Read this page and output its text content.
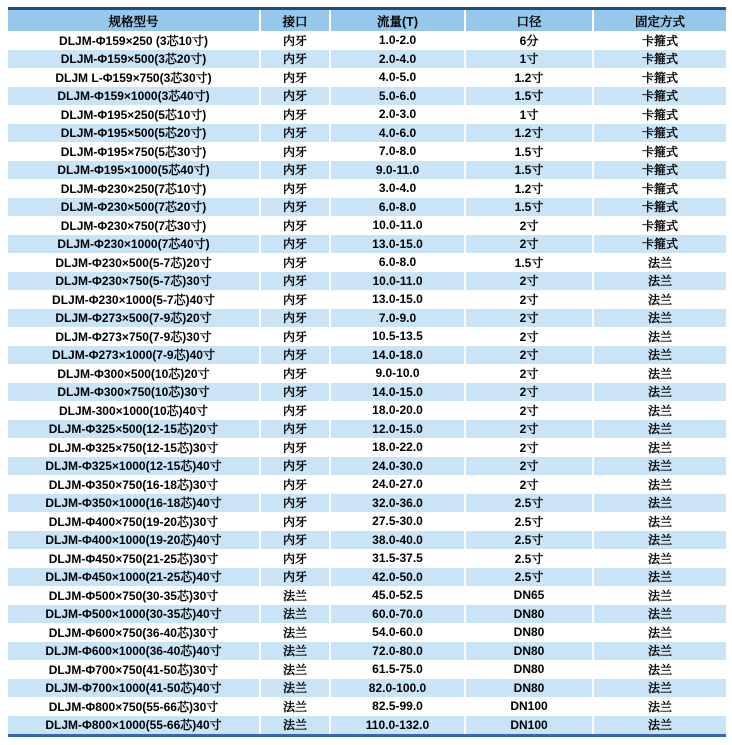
规格型号	接口	流量(T)	口径	固定方式
DLJM-Φ159×250 (3芯10寸)	内牙	1.0-2.0	6分	卡箍式
DLJM-Φ159×500(3芯20寸)	内牙	2.0-4.0	1寸	卡箍式
DLJM L-Φ159×750(3芯30寸)	内牙	4.0-5.0	1.2寸	卡箍式
DLJM-Φ159×1000(3芯40寸)	内牙	5.0-6.0	1.5寸	卡箍式
DLJM-Φ195×250(5芯10寸)	内牙	2.0-3.0	1寸	卡箍式
DLJM-Φ195×500(5芯20寸)	内牙	4.0-6.0	1.2寸	卡箍式
DLJM-Φ195×750(5芯30寸)	内牙	7.0-8.0	1.5寸	卡箍式
DLJM-Φ195×1000(5芯40寸)	内牙	9.0-11.0	1.5寸	卡箍式
DLJM-Φ230×250(7芯10寸)	内牙	3.0-4.0	1.2寸	卡箍式
DLJM-Φ230×500(7芯20寸)	内牙	6.0-8.0	1.5寸	卡箍式
DLJM-Φ230×750(7芯30寸)	内牙	10.0-11.0	2寸	卡箍式
DLJM-Φ230×1000(7芯40寸)	内牙	13.0-15.0	2寸	卡箍式
DLJM-Φ230×500(5-7芯)20寸	内牙	6.0-8.0	1.5寸	法兰
DLJM-Φ230×750(5-7芯)30寸	内牙	10.0-11.0	2寸	法兰
DLJM-Φ230×1000(5-7芯)40寸	内牙	13.0-15.0	2寸	法兰
DLJM-Φ273×500(7-9芯)20寸	内牙	7.0-9.0	2寸	法兰
DLJM-Φ273×750(7-9芯)30寸	内牙	10.5-13.5	2寸	法兰
DLJM-Φ273×1000(7-9芯)40寸	内牙	14.0-18.0	2寸	法兰
DLJM-Φ300×500(10芯)20寸	内牙	9.0-10.0	2寸	法兰
DLJM-Φ300×750(10芯)30寸	内牙	14.0-15.0	2寸	法兰
DLJM-300×1000(10芯)40寸	内牙	18.0-20.0	2寸	法兰
DLJM-Φ325×500(12-15芯)20寸	内牙	12.0-15.0	2寸	法兰
DLJM-Φ325×750(12-15芯)30寸	内牙	18.0-22.0	2寸	法兰
DLJM-Φ325×1000(12-15芯)40寸	内牙	24.0-30.0	2寸	法兰
DLJM-Φ350×750(16-18芯)30寸	内牙	24.0-27.0	2寸	法兰
DLJM-Φ350×1000(16-18芯)40寸	内牙	32.0-36.0	2.5寸	法兰
DLJM-Φ400×750(19-20芯)30寸	内牙	27.5-30.0	2.5寸	法兰
DLJM-Φ400×1000(19-20芯)40寸	内牙	38.0-40.0	2.5寸	法兰
DLJM-Φ450×750(21-25芯)30寸	内牙	31.5-37.5	2.5寸	法兰
DLJM-Φ450×1000(21-25芯)40寸	内牙	42.0-50.0	2.5寸	法兰
DLJM-Φ500×750(30-35芯)30寸	法兰	45.0-52.5	DN65	法兰
DLJM-Φ500×1000(30-35芯)40寸	法兰	60.0-70.0	DN80	法兰
DLJM-Φ600×750(36-40芯)30寸	法兰	54.0-60.0	DN80	法兰
DLJM-Φ600×1000(36-40芯)40寸	法兰	72.0-80.0	DN80	法兰
DLJM-Φ700×750(41-50芯)30寸	法兰	61.5-75.0	DN80	法兰
DLJM-Φ700×1000(41-50芯)40寸	法兰	82.0-100.0	DN80	法兰
DLJM-Φ800×750(55-66芯)30寸	法兰	82.5-99.0	DN100	法兰
DLJM-Φ800×1000(55-66芯)40寸	法兰	110.0-132.0	DN100	法兰
